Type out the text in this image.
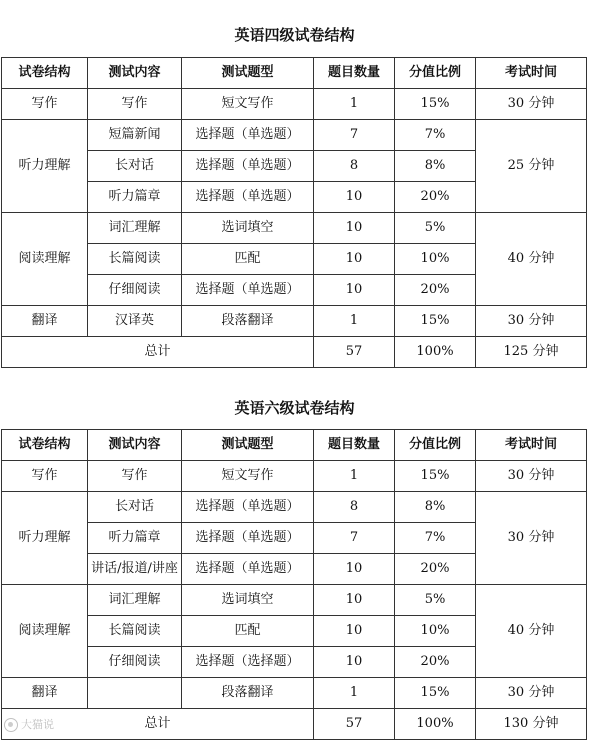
英语四级试卷结构
试卷结构	测试内容	测试题型	题目数量	分值比例	考试时间
写作	写作	短文写作	1	15%	30 分钟
听力理解	短篇新闻	选择题（单选题）	7	7%	25 分钟
	长对话	选择题（单选题）	8	8%	
	听力篇章	选择题（单选题）	10	20%	
阅读理解	词汇理解	选词填空	10	5%	40 分钟
	长篇阅读	匹配	10	10%	
	仔细阅读	选择题（单选题）	10	20%	
翻译	汉译英	段落翻译	1	15%	30 分钟
总计			57	100%	125 分钟
英语六级试卷结构
试卷结构	测试内容	测试题型	题目数量	分值比例	考试时间
写作	写作	短文写作	1	15%	30 分钟
听力理解	长对话	选择题（单选题）	8	8%	30 分钟
	听力篇章	选择题（单选题）	7	7%	
	讲话/报道/讲座	选择题（单选题）	10	20%	
阅读理解	词汇理解	选词填空	10	5%	40 分钟
	长篇阅读	匹配	10	10%	
	仔细阅读	选择题（选择题）	10	20%	
翻译		段落翻译	1	15%	30 分钟
总计			57	100%	130 分钟
大猫说
